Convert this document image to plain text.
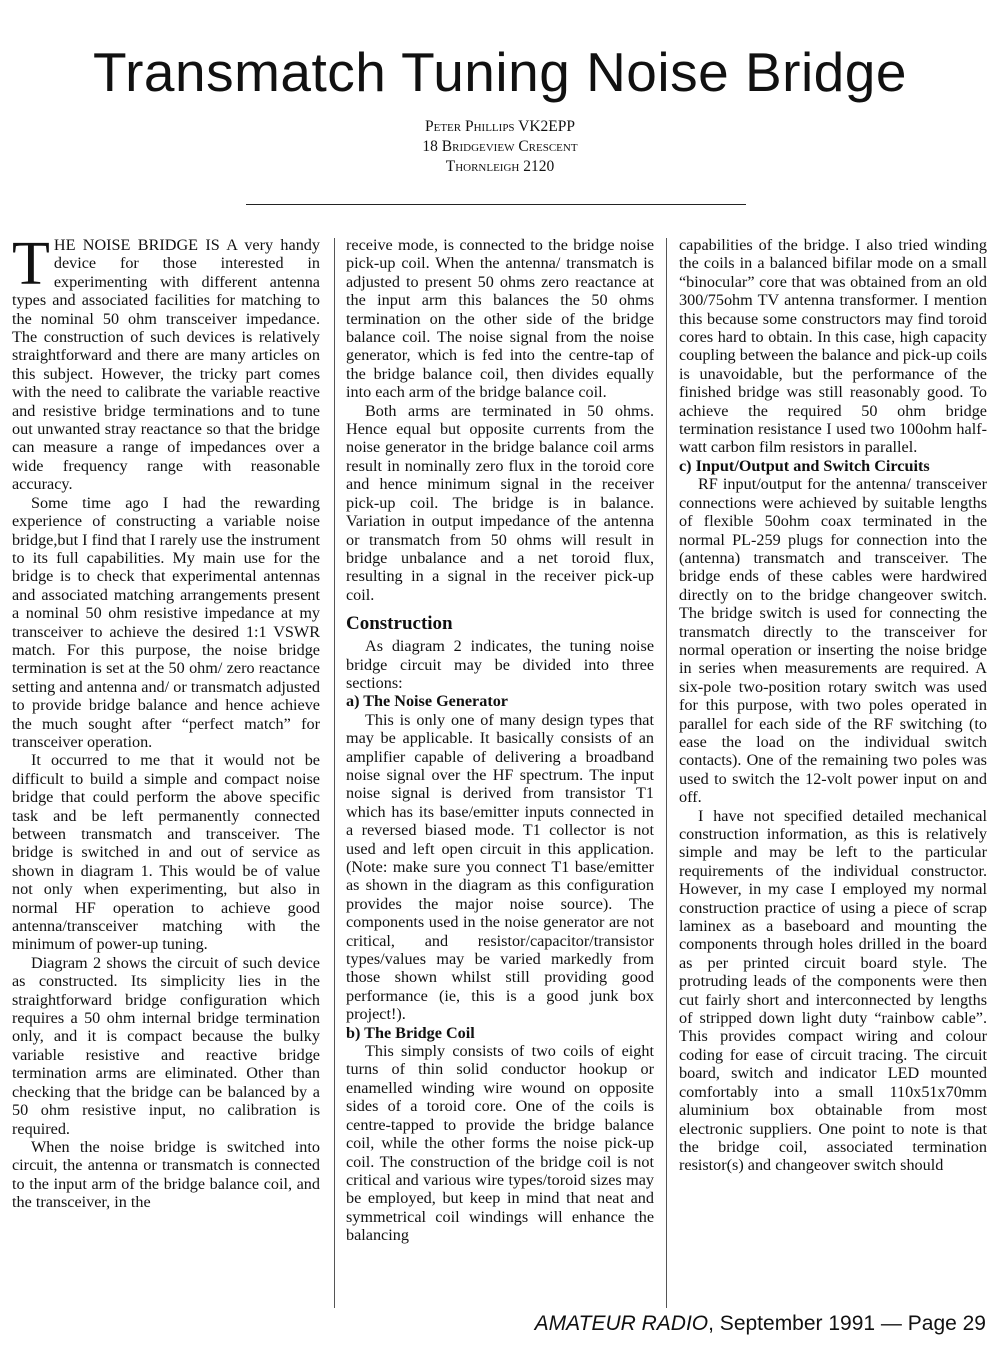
Transmatch Tuning Noise Bridge
Peter Phillips VK2EPP
18 Bridgeview Crescent
Thornleigh 2120

THE NOISE BRIDGE IS A very handy device for those interested in experimenting with different antenna types and associated facilities for matching to the nominal 50 ohm transceiver impedance. The construction of such devices is relatively straightforward and there are many articles on this subject. However, the tricky part comes with the need to calibrate the variable reactive and resistive bridge terminations and to tune out unwanted stray reactance so that the bridge can measure a range of impedances over a wide frequency range with reasonable accuracy.

Some time ago I had the rewarding experience of constructing a variable noise bridge,but I find that I rarely use the instrument to its full capabilities. My main use for the bridge is to check that experimental antennas and associated matching arrangements present a nominal 50 ohm resistive impedance at my transceiver to achieve the desired 1:1 VSWR match. For this purpose, the noise bridge termination is set at the 50 ohm/ zero reactance setting and antenna and/ or transmatch adjusted to provide bridge balance and hence achieve the much sought after “perfect match” for transceiver operation.

It occurred to me that it would not be difficult to build a simple and compact noise bridge that could perform the above specific task and be left permanently connected between transmatch and transceiver. The bridge is switched in and out of service as shown in diagram 1. This would be of value not only when experimenting, but also in normal HF operation to achieve good antenna/transceiver matching with the minimum of power-up tuning.

Diagram 2 shows the circuit of such device as constructed. Its simplicity lies in the straightforward bridge configuration which requires a 50 ohm internal bridge termination only, and it is compact because the bulky variable resistive and reactive bridge termination arms are eliminated. Other than checking that the bridge can be balanced by a 50 ohm resistive input, no calibration is required.

When the noise bridge is switched into circuit, the antenna or transmatch is connected to the input arm of the bridge balance coil, and the transceiver, in the

receive mode, is connected to the bridge noise pick-up coil. When the antenna/ transmatch is adjusted to present 50 ohms zero reactance at the input arm this balances the 50 ohms termination on the other side of the bridge balance coil. The noise signal from the noise generator, which is fed into the centre-tap of the bridge balance coil, then divides equally into each arm of the bridge balance coil.

Both arms are terminated in 50 ohms. Hence equal but opposite currents from the noise generator in the bridge balance coil arms result in nominally zero flux in the toroid core and hence minimum signal in the receiver pick-up coil. The bridge is in balance. Variation in output impedance of the antenna or transmatch from 50 ohms will result in bridge unbalance and a net toroid flux, resulting in a signal in the receiver pick-up coil.

Construction

As diagram 2 indicates, the tuning noise bridge circuit may be divided into three sections:

a) The Noise Generator

This is only one of many design types that may be applicable. It basically consists of an amplifier capable of delivering a broadband noise signal over the HF spectrum. The input noise signal is derived from transistor T1 which has its base/emitter inputs connected in a reversed biased mode. T1 collector is not used and left open circuit in this application. (Note: make sure you connect T1 base/emitter as shown in the diagram as this configuration provides the major noise source). The components used in the noise generator are not critical, and resistor/capacitor/transistor types/values may be varied markedly from those shown whilst still providing good performance (ie, this is a good junk box project!).

b) The Bridge Coil

This simply consists of two coils of eight turns of thin solid conductor hookup or enamelled winding wire wound on opposite sides of a toroid core. One of the coils is centre-tapped to provide the bridge balance coil, while the other forms the noise pick-up coil. The construction of the bridge coil is not critical and various wire types/toroid sizes may be employed, but keep in mind that neat and symmetrical coil windings will enhance the balancing

capabilities of the bridge. I also tried winding the coils in a balanced bifilar mode on a small “binocular” core that was obtained from an old 300/75ohm TV antenna transformer. I mention this because some constructors may find toroid cores hard to obtain. In this case, high capacity coupling between the balance and pick-up coils is unavoidable, but the performance of the finished bridge was still reasonably good. To achieve the required 50 ohm bridge termination resistance I used two 100ohm half-watt carbon film resistors in parallel.

c) Input/Output and Switch Circuits

RF input/output for the antenna/ transceiver connections were achieved by suitable lengths of flexible 50ohm coax terminated in the normal PL-259 plugs for connection into the (antenna) transmatch and transceiver. The bridge ends of these cables were hardwired directly on to the bridge changeover switch. The bridge switch is used for connecting the transmatch directly to the transceiver for normal operation or inserting the noise bridge in series when measurements are required. A six-pole two-position rotary switch was used for this purpose, with two poles operated in parallel for each side of the RF switching (to ease the load on the individual switch contacts). One of the remaining two poles was used to switch the 12-volt power input on and off.

I have not specified detailed mechanical construction information, as this is relatively simple and may be left to the particular requirements of the individual constructor. However, in my case I employed my normal construction practice of using a piece of scrap laminex as a baseboard and mounting the components through holes drilled in the board as per printed circuit board style. The protruding leads of the components were then cut fairly short and interconnected by lengths of stripped down light duty “rainbow cable”. This provides compact wiring and colour coding for ease of circuit tracing. The circuit board, switch and indicator LED mounted comfortably into a small 110x51x70mm aluminium box obtainable from most electronic suppliers. One point to note is that the bridge coil, associated termination resistor(s) and changeover switch should

AMATEUR RADIO, September 1991 — Page 29
